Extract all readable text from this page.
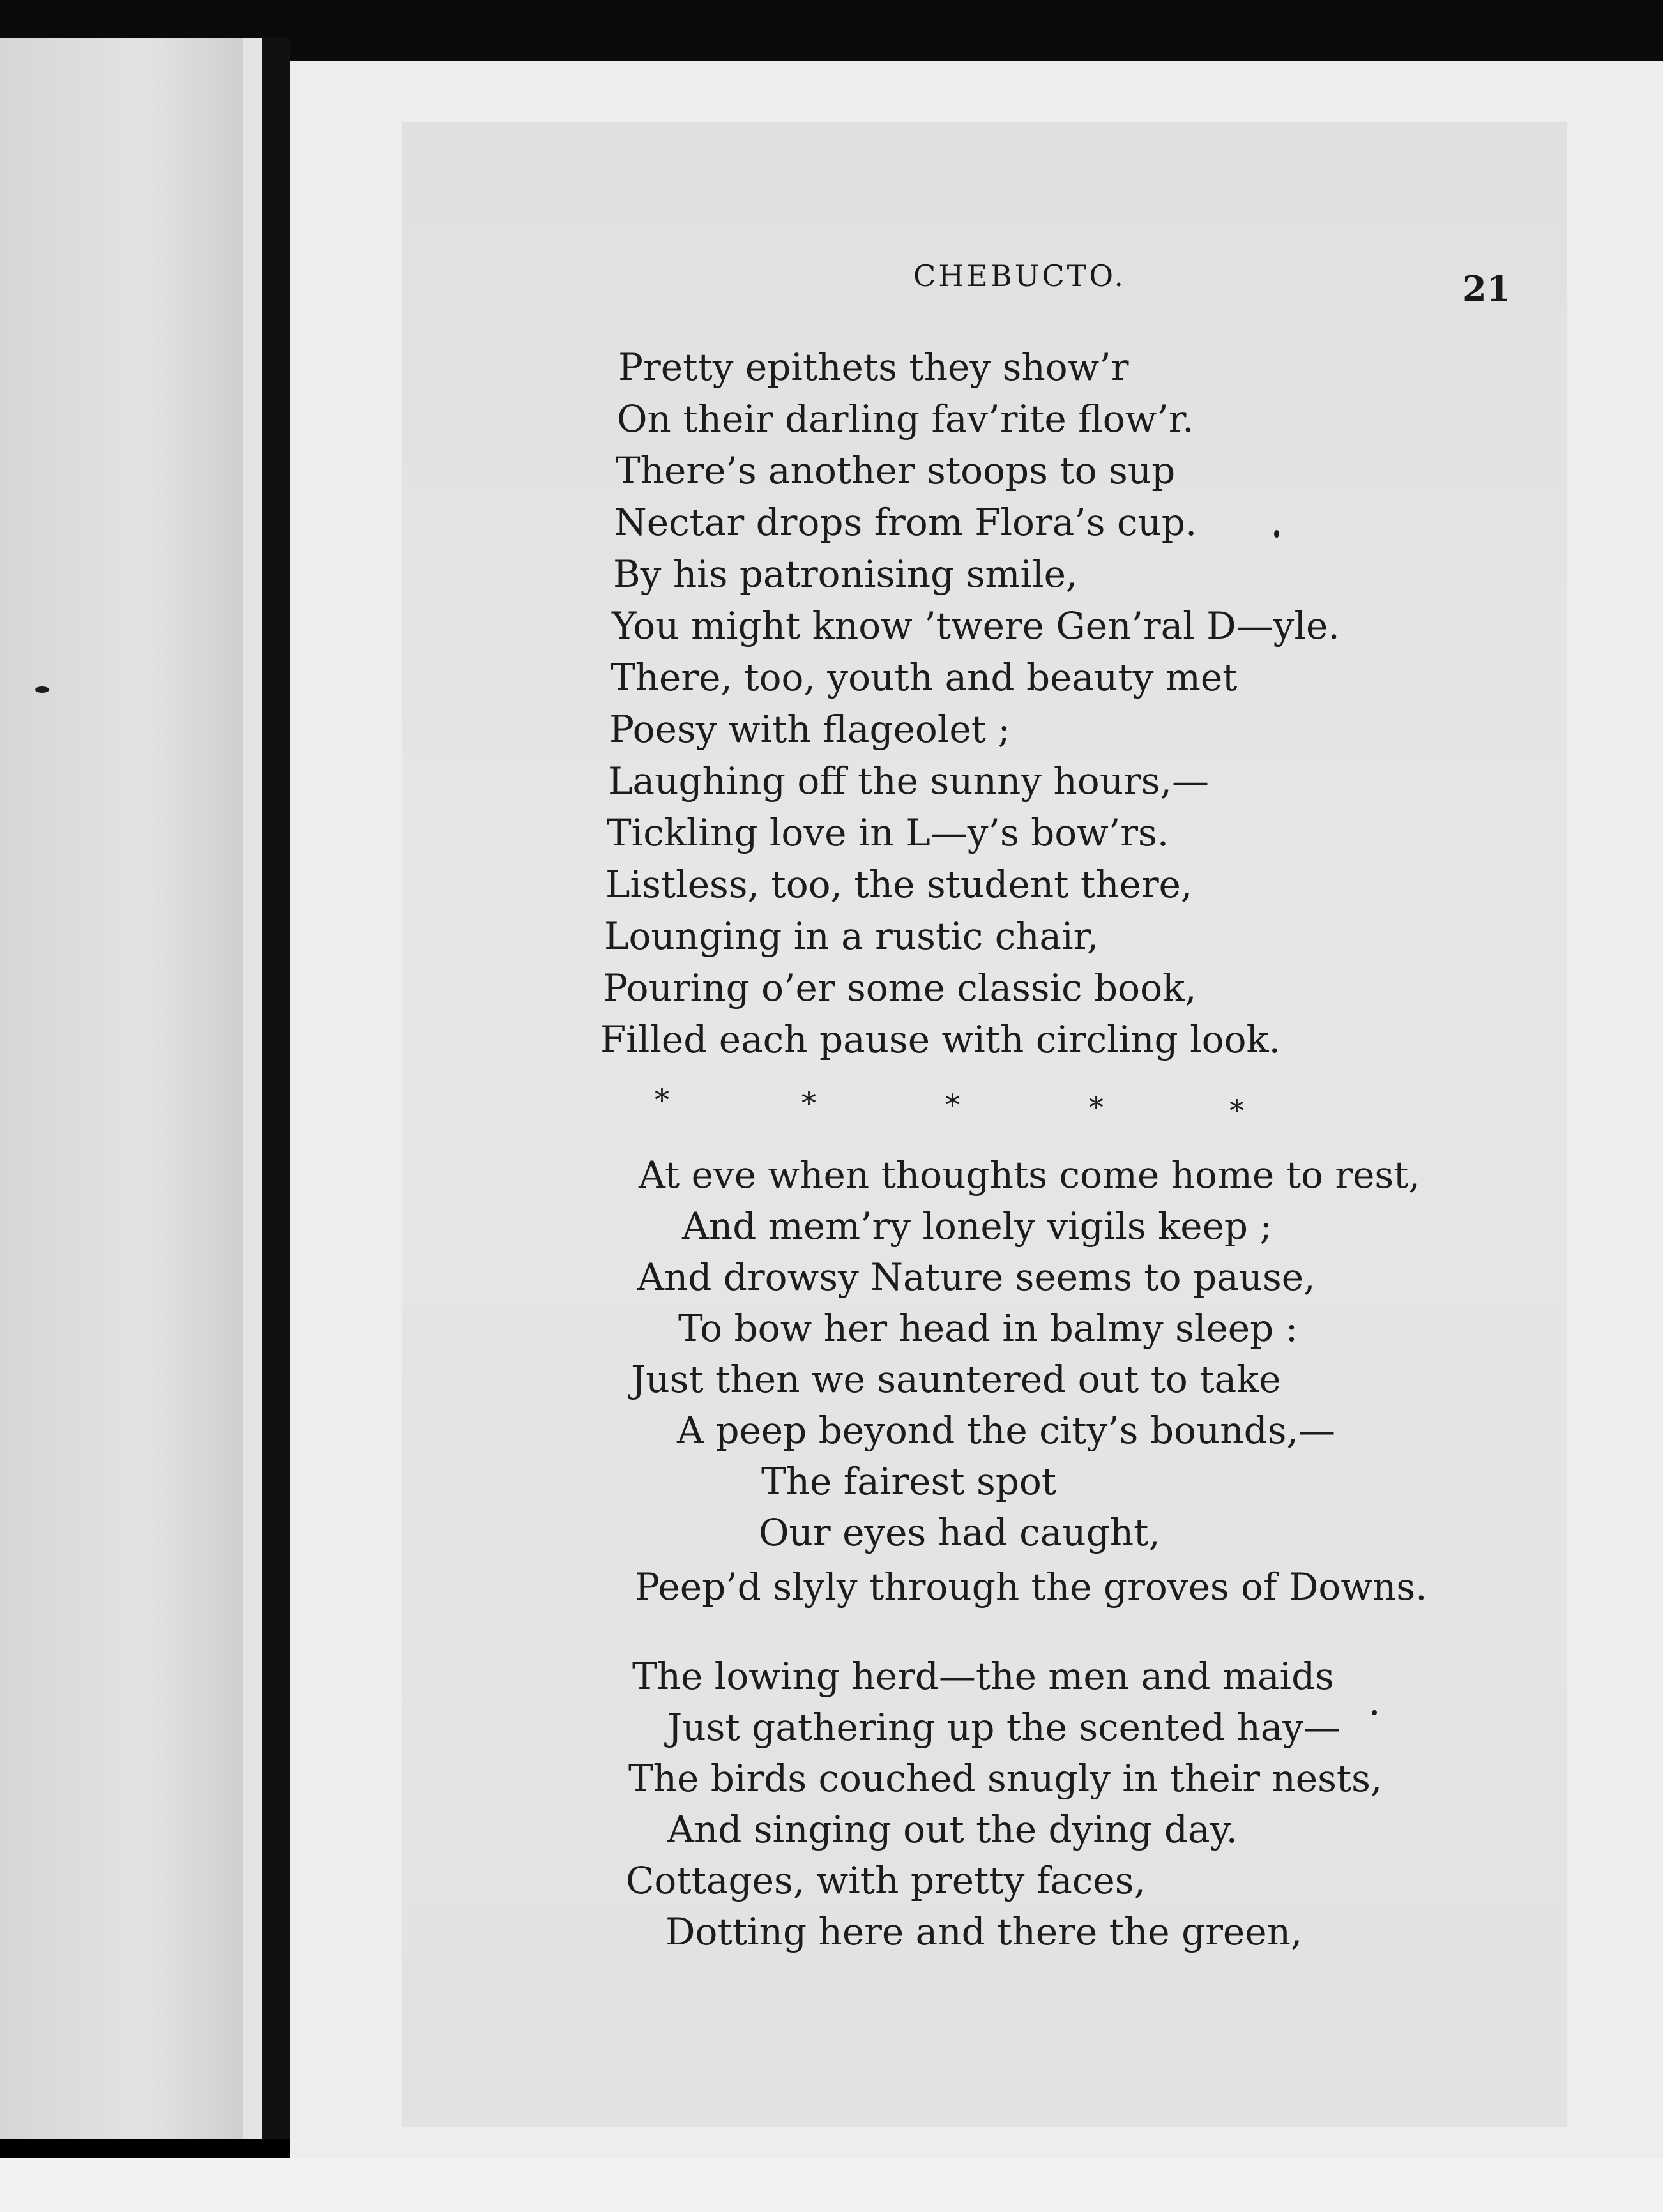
CHEBUCTO.	21
Pretty epithets they show’r
On their darling fav’rite flow’r.
There’s another stoops to sup
Nectar drops from Flora’s cup.
By his patronising smile,
You might know ’twere Gen’ral D—yle.
There, too, youth and beauty met
Poesy with flageolet ;
Laughing off the sunny hours,—
Tickling love in L—y’s bow’rs.
Listless, too, the student there,
Lounging in a rustic chair,
Pouring o’er some classic book,
Filled each pause with circling look.
*	*	*	*	*
At eve when thoughts come home to rest,
And mem’ry lonely vigils keep ;
And drowsy Nature seems to pause,
To bow her head in balmy sleep :
Just then we sauntered out to take
A peep beyond the city’s bounds,—
The fairest spot
Our eyes had caught,
Peep’d slyly through the groves of Downs.
The lowing herd—the men and maids
Just gathering up the scented hay—
The birds couched snugly in their nests,
And singing out the dying day.
Cottages, with pretty faces,
Dotting here and there the green,
